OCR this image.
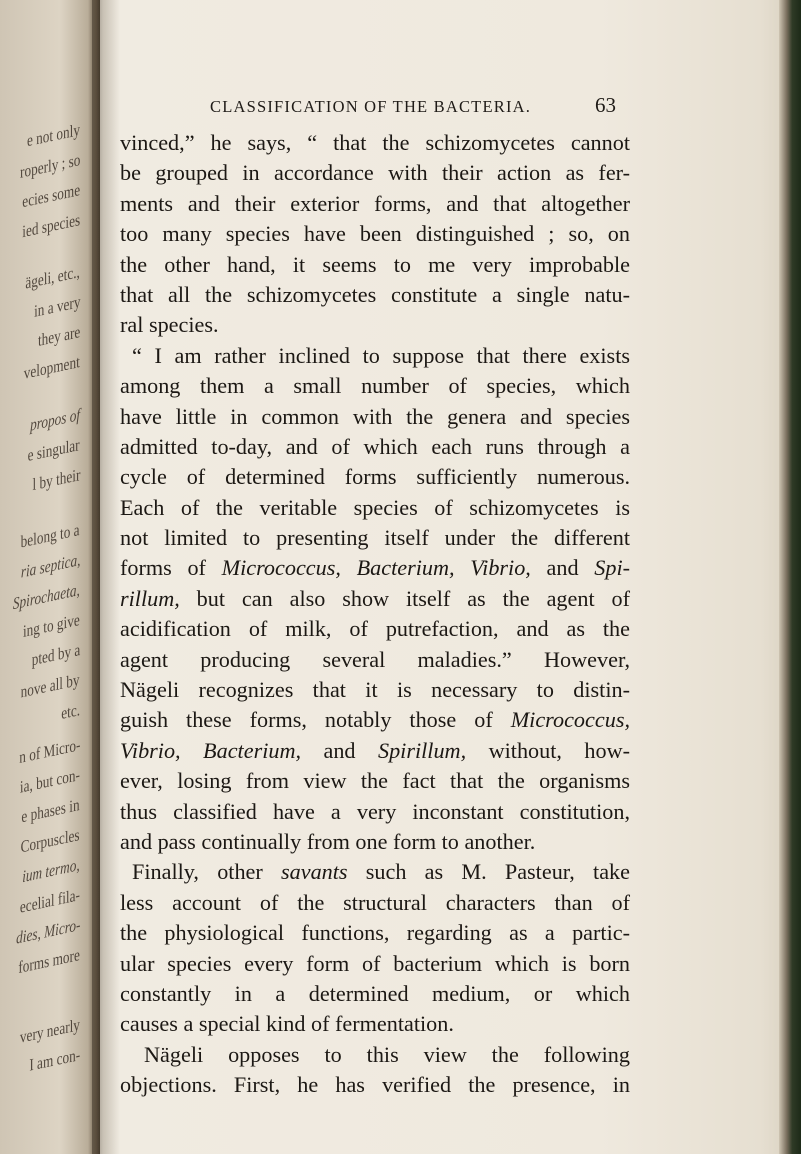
e not only
roperly ; so
ecies some
ied species
ägeli, etc.,
in a very
they are
velopment
propos of
e singular
l by their
belong to a
ria septica,
Spirochaeta,
ing to give
pted by a
nove all by
etc.
n of Micro-
ia, but con-
e phases in
Corpuscles
ium termo,
ecelial fila-
dies, Micro-
forms more
very nearly
I am con-
CLASSIFICATION OF THE BACTERIA.	63
vinced,” he says, “ that the schizomycetes cannot
be grouped in accordance with their action as fer-
ments and their exterior forms, and that altogether
too many species have been distinguished ; so, on
the other hand, it seems to me very improbable
that all the schizomycetes constitute a single natu-
ral species.
“ I am rather inclined to suppose that there exists
among them a small number of species, which
have little in common with the genera and species
admitted to-day, and of which each runs through a
cycle of determined forms sufficiently numerous.
Each of the veritable species of schizomycetes is
not limited to presenting itself under the different
forms of Micrococcus, Bacterium, Vibrio, and Spi-
rillum, but can also show itself as the agent of
acidification of milk, of putrefaction, and as the
agent producing several maladies.” However,
Nägeli recognizes that it is necessary to distin-
guish these forms, notably those of Micrococcus,
Vibrio, Bacterium, and Spirillum, without, how-
ever, losing from view the fact that the organisms
thus classified have a very inconstant constitution,
and pass continually from one form to another.
Finally, other savants such as M. Pasteur, take
less account of the structural characters than of
the physiological functions, regarding as a partic-
ular species every form of bacterium which is born
constantly in a determined medium, or which
causes a special kind of fermentation.
Nägeli opposes to this view the following
objections. First, he has verified the presence, in
